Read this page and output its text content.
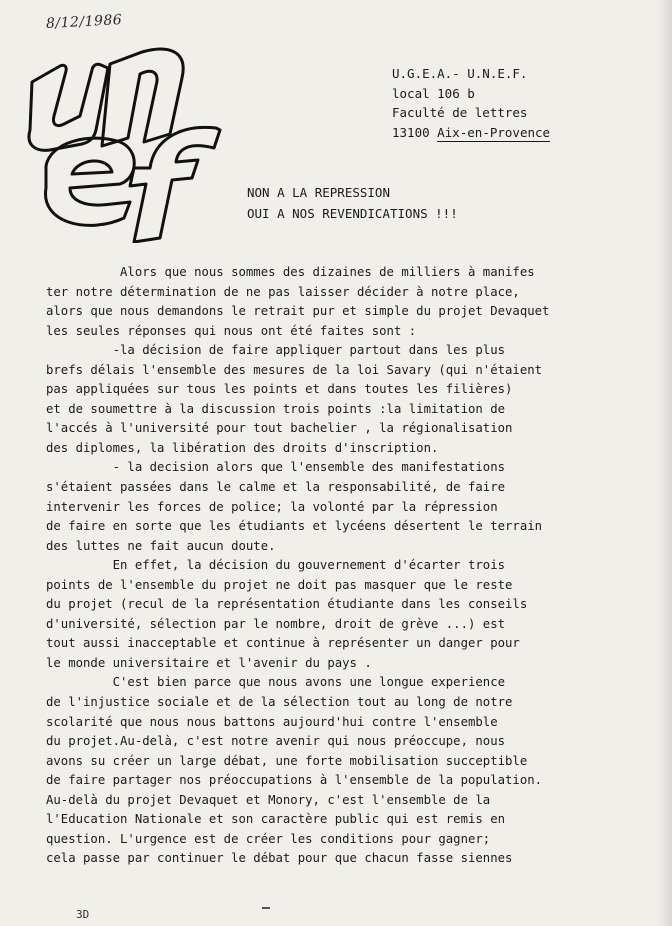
8/12/1986
U.G.E.A.- U.N.E.F.
local 106 b
Faculté de lettres
13100 Aix-en-Provence
NON A LA REPRESSION
OUI A NOS REVENDICATIONS !!!
Alors que nous sommes des dizaines de milliers à manifes
ter notre détermination de ne pas laisser décider à notre place,
alors que nous demandons le retrait pur et simple du projet Devaquet
les seules réponses qui nous ont été faites sont :
-la décision de faire appliquer partout dans les plus
brefs délais l'ensemble des mesures de la loi Savary (qui n'étaient
pas appliquées sur tous les points et dans toutes les filières)
et de soumettre à la discussion trois points :la limitation de
l'accés à l'université pour tout bachelier , la régionalisation
des diplomes, la libération des droits d'inscription.
- la decision alors que l'ensemble des manifestations
s'étaient passées dans le calme et la responsabilité, de faire
intervenir les forces de police; la volonté par la répression
de faire en sorte que les étudiants et lycéens désertent le terrain
des luttes ne fait aucun doute.
En effet, la décision du gouvernement d'écarter trois
points de l'ensemble du projet ne doit pas masquer que le reste
du projet (recul de la représentation étudiante dans les conseils
d'université, sélection par le nombre, droit de grève ...) est
tout aussi inacceptable et continue à représenter un danger pour
le monde universitaire et l'avenir du pays .
C'est bien parce que nous avons une longue experience
de l'injustice sociale et de la sélection tout au long de notre
scolarité que nous nous battons aujourd'hui contre l'ensemble
du projet.Au-delà, c'est notre avenir qui nous préoccupe, nous
avons su créer un large débat, une forte mobilisation succeptible
de faire partager nos préoccupations à l'ensemble de la population.
Au-delà du projet Devaquet et Monory, c'est l'ensemble de la
l'Education Nationale et son caractère public qui est remis en
question. L'urgence est de créer les conditions pour gagner;
cela passe par continuer le débat pour que chacun fasse siennes
3D
